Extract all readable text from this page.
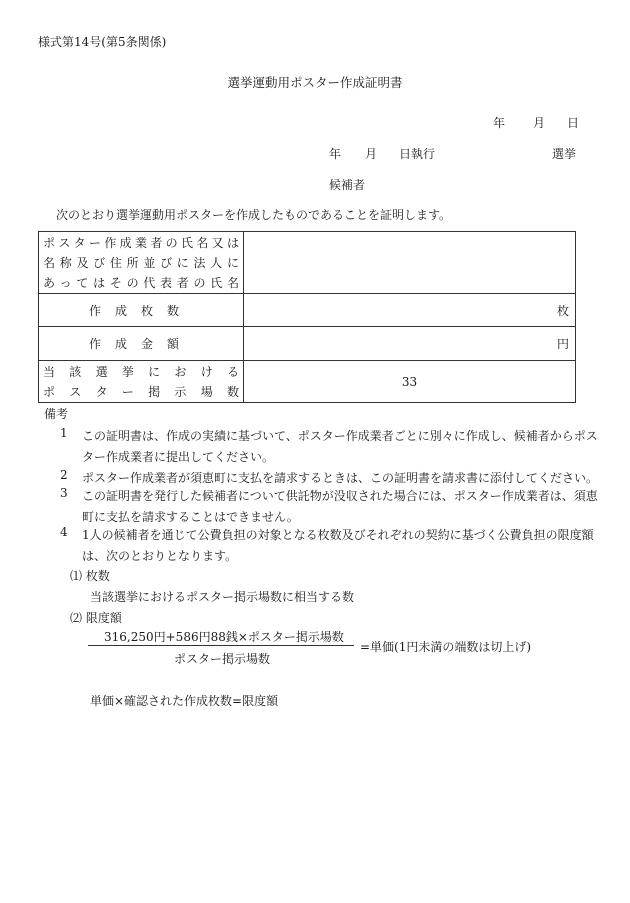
様式第14号(第5条関係)
選挙運動用ポスター作成証明書
年 月 日
年 月 日執行	選挙
候補者
次のとおり選挙運動用ポスターを作成したものであることを証明します。
ポスター作成業者の氏名又は
名称及び住所並びに法人に
あってはその代表者の氏名	

作成枚数	枚
作成金額	円

当該選挙における
ポスター掲示場数	33
備考
1 この証明書は、作成の実績に基づいて、ポスター作成業者ごとに別々に作成し、候補者からポスター作成業者に提出してください。
2 ポスター作成業者が須恵町に支払を請求するときは、この証明書を請求書に添付してください。
3 この証明書を発行した候補者について供託物が没収された場合には、ポスター作成業者は、須恵町に支払を請求することはできません。
4 1人の候補者を通じて公費負担の対象となる枚数及びそれぞれの契約に基づく公費負担の限度額は、次のとおりとなります。
⑴ 枚数
当該選挙におけるポスター掲示場数に相当する数
⑵ 限度額
316,250円+586円88銭×ポスター掲示場数
ポスター掲示場数
=単価(1円未満の端数は切上げ)
単価×確認された作成枚数=限度額
